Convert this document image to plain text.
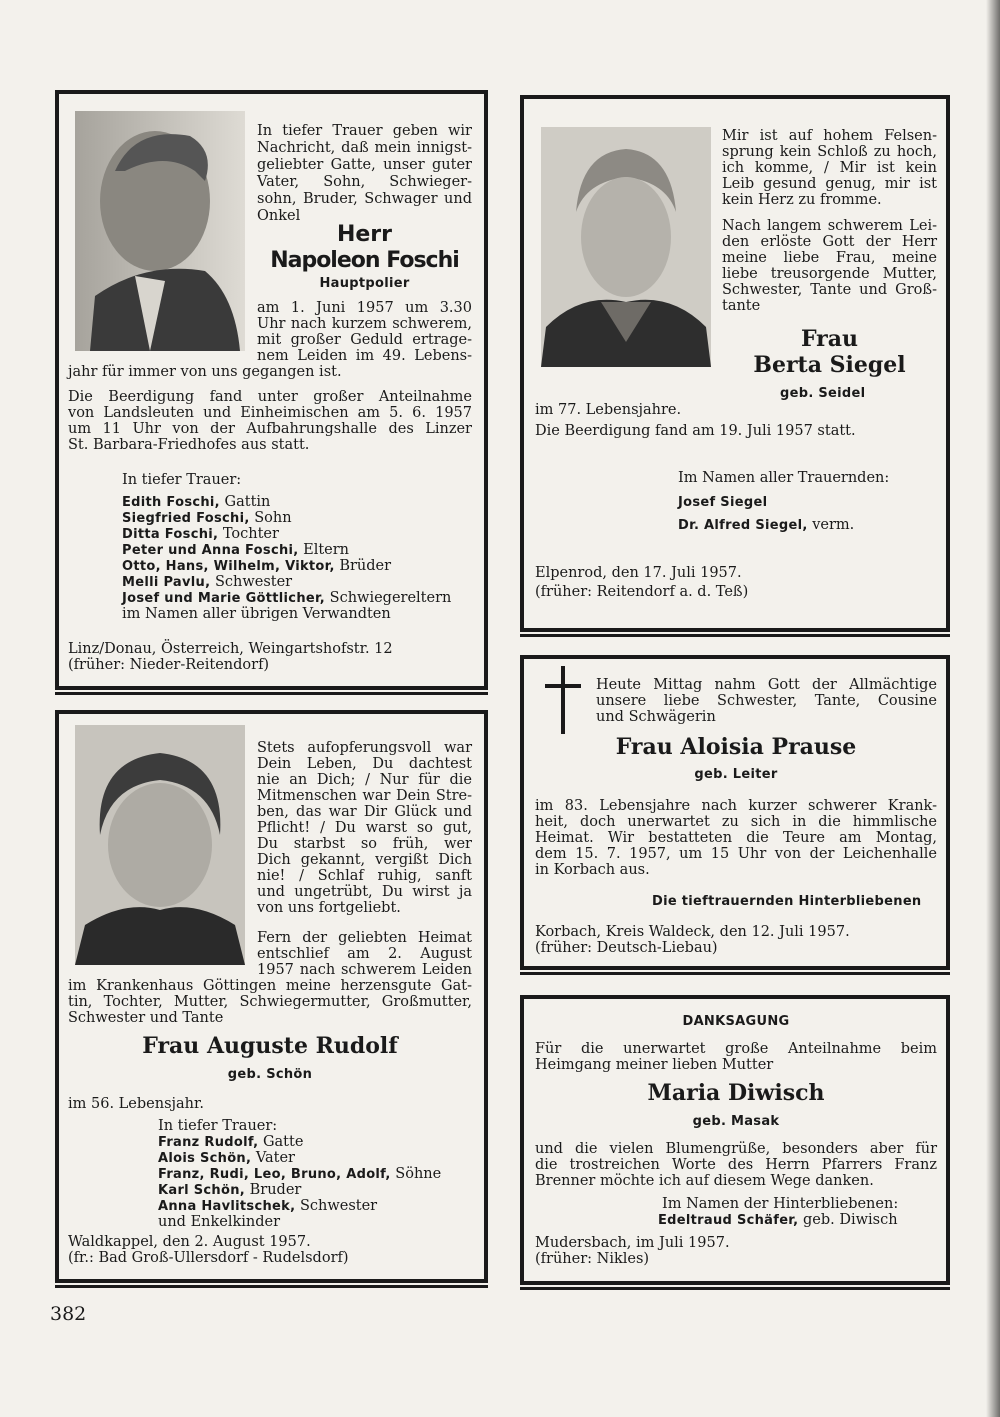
In tiefer Trauer geben wir
Nachricht, daß mein innigst-
geliebter Gatte, unser guter
Vater, Sohn, Schwieger-
sohn, Bruder, Schwager und
Onkel
Herr
Napoleon Foschi
Hauptpolier
am 1. Juni 1957 um 3.30
Uhr nach kurzem schwerem,
mit großer Geduld ertrage-
nem Leiden im 49. Lebens-
jahr für immer von uns gegangen ist.
Die Beerdigung fand unter großer Anteilnahme
von Landsleuten und Einheimischen am 5. 6. 1957
um 11 Uhr von der Aufbahrungshalle des Linzer
St. Barbara-Friedhofes aus statt.
In tiefer Trauer:
Edith Foschi, Gattin
Siegfried Foschi, Sohn
Ditta Foschi, Tochter
Peter und Anna Foschi, Eltern
Otto, Hans, Wilhelm, Viktor, Brüder
Melli Pavlu, Schwester
Josef und Marie Göttlicher, Schwiegereltern
im Namen aller übrigen Verwandten
Linz/Donau, Österreich, Weingartshofstr. 12
(früher: Nieder-Reitendorf)
Mir ist auf hohem Felsen-
sprung kein Schloß zu hoch,
ich komme, / Mir ist kein
Leib gesund genug, mir ist
kein Herz zu fromme.
Nach langem schwerem Lei-
den erlöste Gott der Herr
meine liebe Frau, meine
liebe treusorgende Mutter,
Schwester, Tante und Groß-
tante
Frau
Berta Siegel
geb. Seidel
im 77. Lebensjahre.
Die Beerdigung fand am 19. Juli 1957 statt.
Im Namen aller Trauernden:
Josef Siegel
Dr. Alfred Siegel, verm.
Elpenrod, den 17. Juli 1957.
(früher: Reitendorf a. d. Teß)
Heute Mittag nahm Gott der Allmächtige
unsere liebe Schwester, Tante, Cousine
und Schwägerin
Frau Aloisia Prause
geb. Leiter
im 83. Lebensjahre nach kurzer schwerer Krank-
heit, doch unerwartet zu sich in die himmlische
Heimat. Wir bestatteten die Teure am Montag,
dem 15. 7. 1957, um 15 Uhr von der Leichenhalle
in Korbach aus.
Die tieftrauernden Hinterbliebenen
Korbach, Kreis Waldeck, den 12. Juli 1957.
(früher: Deutsch-Liebau)
Stets aufopferungsvoll war
Dein Leben, Du dachtest
nie an Dich; / Nur für die
Mitmenschen war Dein Stre-
ben, das war Dir Glück und
Pflicht! / Du warst so gut,
Du starbst so früh, wer
Dich gekannt, vergißt Dich
nie! / Schlaf ruhig, sanft
und ungetrübt, Du wirst ja
von uns fortgeliebt.
Fern der geliebten Heimat
entschlief am 2. August
1957 nach schwerem Leiden
im Krankenhaus Göttingen meine herzensgute Gat-
tin, Tochter, Mutter, Schwiegermutter, Großmutter,
Schwester und Tante
Frau Auguste Rudolf
geb. Schön
im 56. Lebensjahr.
In tiefer Trauer:
Franz Rudolf, Gatte
Alois Schön, Vater
Franz, Rudi, Leo, Bruno, Adolf, Söhne
Karl Schön, Bruder
Anna Havlitschek, Schwester
und Enkelkinder
Waldkappel, den 2. August 1957.
(fr.: Bad Groß-Ullersdorf - Rudelsdorf)
DANKSAGUNG
Für die unerwartet große Anteilnahme beim
Heimgang meiner lieben Mutter
Maria Diwisch
geb. Masak
und die vielen Blumengrüße, besonders aber für
die trostreichen Worte des Herrn Pfarrers Franz
Brenner möchte ich auf diesem Wege danken.
Im Namen der Hinterbliebenen:
Edeltraud Schäfer, geb. Diwisch
Mudersbach, im Juli 1957.
(früher: Nikles)
382
